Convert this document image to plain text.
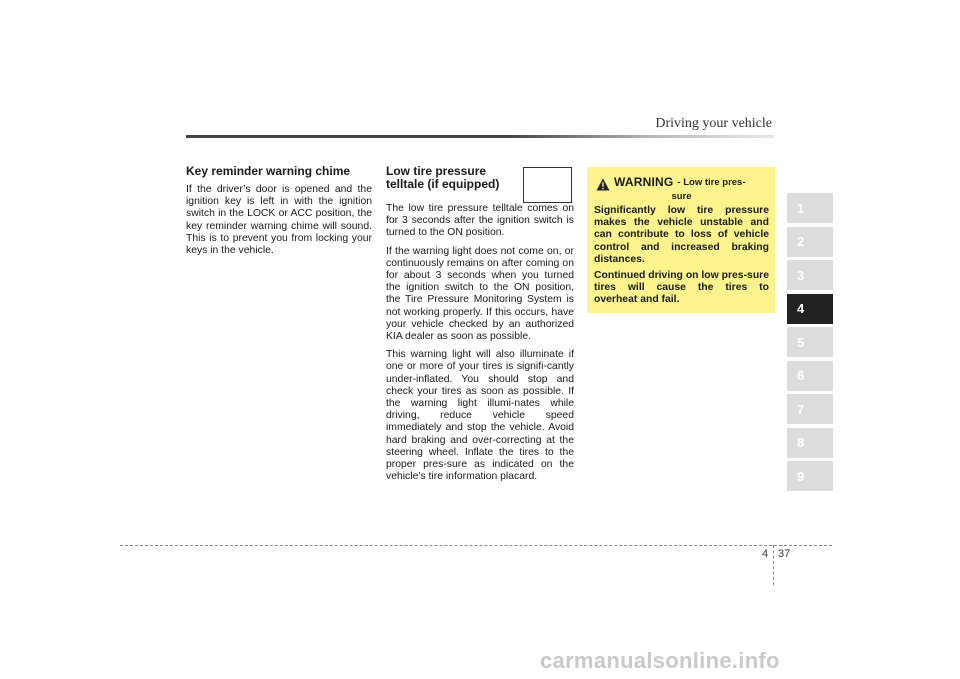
Driving your vehicle
Key reminder warning chime

If the driver’s door is opened and the ignition key is left in with the ignition switch in the LOCK or ACC position, the key reminder warning chime will sound. This is to prevent you from locking your keys in the vehicle.

Low tire pressure
telltale (if equipped)

The low tire pressure telltale comes on for 3 seconds after the ignition switch is turned to the ON position.

If the warning light does not come on, or continuously remains on after coming on for about 3 seconds when you turned the ignition switch to the ON position, the Tire Pressure Monitoring System is not working properly. If this occurs, have your vehicle checked by an authorized KIA dealer as soon as possible.

This warning light will also illuminate if one or more of your tires is signifi-cantly under-inflated. You should stop and check your tires as soon as possible. If the warning light illumi-nates while driving, reduce vehicle speed immediately and stop the vehicle. Avoid hard braking and over-correcting at the steering wheel. Inflate the tires to the proper pres-sure as indicated on the vehicle’s tire information placard.

WARNING - Low tire pres-
sure

Significantly low tire pressure makes the vehicle unstable and can contribute to loss of vehicle control and increased braking distances.

Continued driving on low pres-sure tires will cause the tires to overheat and fail.

1
2
3
4
5
6
7
8
9
4 37
carmanualsonline.info
